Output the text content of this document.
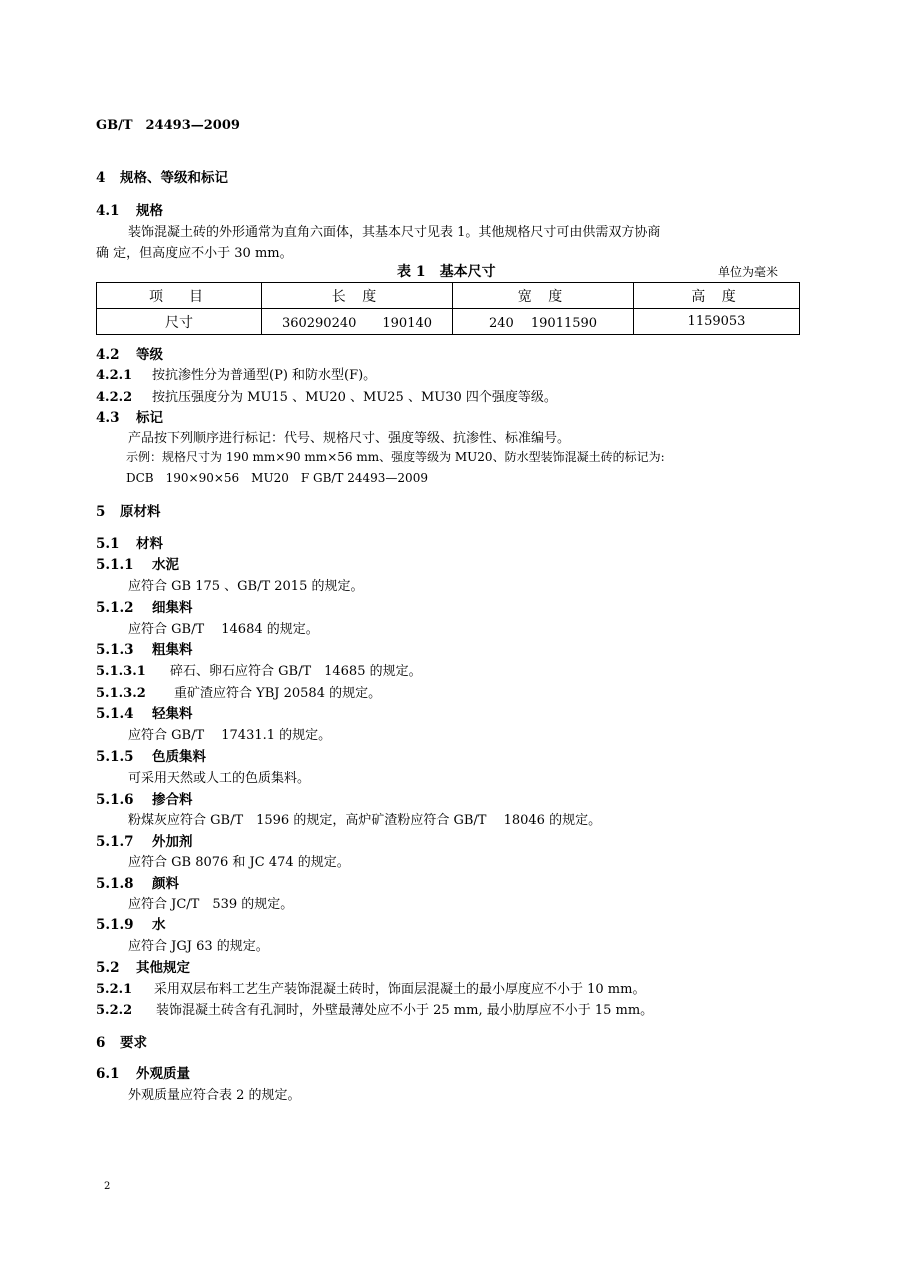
GB/T　24493—2009
4 规格、等级和标记
4.1 规格
装饰混凝土砖的外形通常为直角六面体，其基本尺寸见表 1。其他规格尺寸可由供需双方协商
确 定，但高度应不小于 30 mm。
表 1　基本尺寸	单位为毫米
项　目	长 度	宽 度	高 度
尺寸	360290240　　190140	240　 19011590	1159053
4.2 等级
4.2.1 按抗渗性分为普通型(P) 和防水型(F)。
4.2.2 按抗压强度分为 MU15 、MU20 、MU25 、MU30 四个强度等级。
4.3 标记
产品按下列顺序进行标记：代号、规格尺寸、强度等级、抗渗性、标准编号。
示例：规格尺寸为 190 mm×90 mm×56 mm、强度等级为 MU20、防水型装饰混凝土砖的标记为:
DCB　190×90×56　MU20　F GB/T 24493—2009
5 原材料
5.1 材料
5.1.1 水泥
应符合 GB 175 、GB/T 2015 的规定。
5.1.2 细集料
应符合 GB/T　 14684 的规定。
5.1.3 粗集料
5.1.3.1 碎石、卵石应符合 GB/T　14685 的规定。
5.1.3.2 重矿渣应符合 YBJ 20584 的规定。
5.1.4 轻集料
应符合 GB/T　 17431.1 的规定。
5.1.5 色质集料
可采用天然或人工的色质集料。
5.1.6 掺合料
粉煤灰应符合 GB/T　1596 的规定，高炉矿渣粉应符合 GB/T　 18046 的规定。
5.1.7 外加剂
应符合 GB 8076 和 JC 474 的规定。
5.1.8 颜料
应符合 JC/T　539 的规定。
5.1.9 水
应符合 JGJ 63 的规定。
5.2 其他规定
5.2.1 采用双层布料工艺生产装饰混凝土砖时，饰面层混凝土的最小厚度应不小于 10 mm。
5.2.2 装饰混凝土砖含有孔洞时，外壁最薄处应不小于 25 mm, 最小肋厚应不小于 15 mm。
6 要求
6.1 外观质量
外观质量应符合表 2 的规定。
2
